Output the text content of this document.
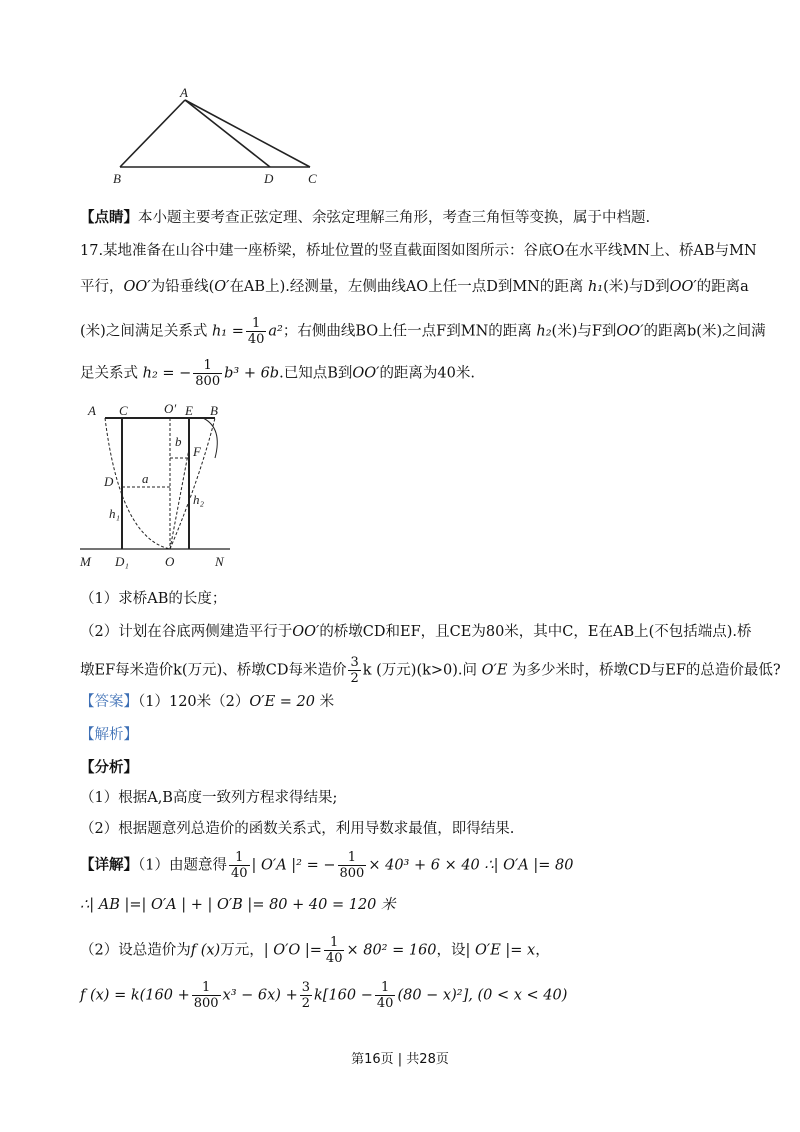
A
B	D	C
【点睛】本小题主要考查正弦定理、余弦定理解三角形，考查三角恒等变换，属于中档题.
17.某地准备在山谷中建一座桥梁，桥址位置的竖直截面图如图所示：谷底O在水平线MN上、桥AB与MN
平行，OO′为铅垂线(O′在AB上).经测量，左侧曲线AO上任一点D到MN的距离 h₁(米)与D到OO′的距离a
(米)之间满足关系式 $h_1 = \frac{1}{40} a^2$；右侧曲线BO上任一点F到MN的距离 h₂(米)与F到OO′的距离b(米)之间满
足关系式 h₂ = − $\frac{1}{800} b^3 + 6b$.已知点B到OO′的距离为40米.
A C	O′ E B
b
F
D a
h₂
h₁
M D₁	O	N
（1）求桥AB的长度；
（2）计划在谷底两侧建造平行于OO′的桥墩CD和EF，且CE为80米，其中C，E在AB上(不包括端点).桥
墩EF每米造价k(万元)、桥墩CD每米造价 $\frac{3}{2}$ k (万元)(k>0).问 O′E 为多少米时，桥墩CD与EF的总造价最低?
【答案】（1）120米（2）O′E = 20 米
【解析】
【分析】
（1）根据A,B高度一致列方程求得结果;
（2）根据题意列总造价的函数关系式，利用导数求最值，即得结果.
【详解】（1）由题意得 $\frac{1}{40}$ | O′A |² = − $\frac{1}{800} \times 40^3 + 6 \times 40$ ∴| O′A |= 80
∴| AB |=| O′A | + | O′B |= 80 + 40 = 120 米
（2）设总造价为f (x)万元，| O′O |= $\frac{1}{40} \times 80^2 = 160$，设| O′E |= x，
f $(x) = k(160 + \frac{1}{800} x^3 - 6x) + \frac{3}{2} k[160 - \frac{1}{40} (80 - x)^2]$, (0 < x < 40)
第16页 | 共28页
